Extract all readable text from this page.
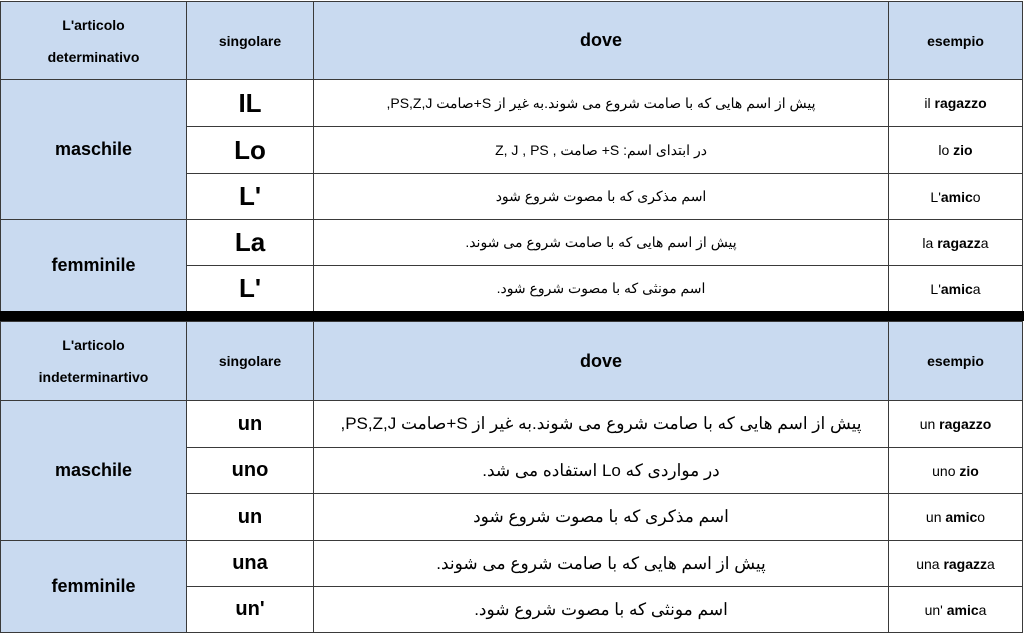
L'articolo
determinativo	singolare	dove	esempio
maschile	IL	پیش از اسم هایی که با صامت شروع می شوند.به غیر از S+صامت PS,Z,J,	il ragazzo
	Lo	در ابتدای اسم: S+ صامت , Z, J , PS	lo zio
	L'	اسم مذکری که با مصوت شروع شود	L'amico
femminile	La	پیش از اسم هایی که با صامت شروع می شوند.	la ragazza
	L'	اسم مونثی که با مصوت شروع شود.	L'amica
L'articolo
indeterminartivo	singolare	dove	esempio
maschile	un	پیش از اسم هایی که با صامت شروع می شوند.به غیر از S+صامت PS,Z,J,	un ragazzo
	uno	در مواردی که Lo استفاده می شد.	uno zio
	un	اسم مذکری که با مصوت شروع شود	un amico
femminile	una	پیش از اسم هایی که با صامت شروع می شوند.	una ragazza
	un'	اسم مونثی که با مصوت شروع شود.	un' amica
